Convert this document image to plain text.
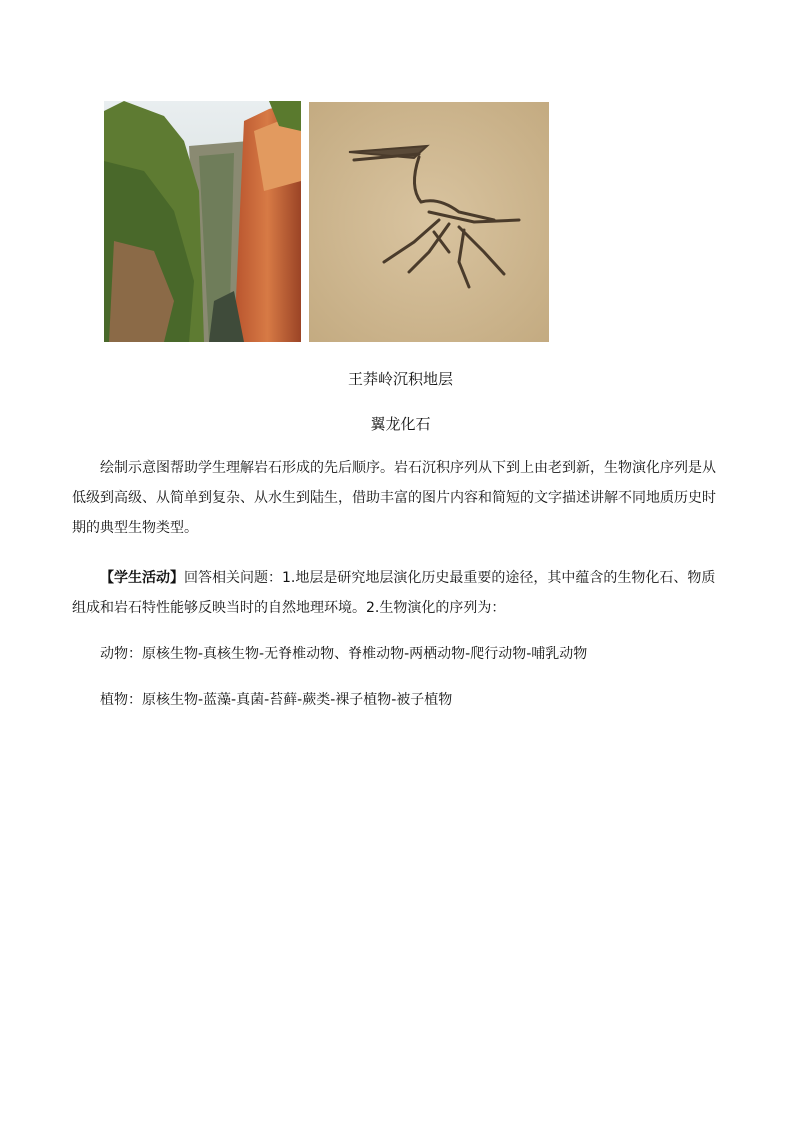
王莽岭沉积地层
翼龙化石

绘制示意图帮助学生理解岩石形成的先后顺序。岩石沉积序列从下到上由老到新，生物演化序列是从低级到高级、从简单到复杂、从水生到陆生，借助丰富的图片内容和简短的文字描述讲解不同地质历史时期的典型生物类型。

【学生活动】回答相关问题：1.地层是研究地层演化历史最重要的途径，其中蕴含的生物化石、物质组成和岩石特性能够反映当时的自然地理环境。2.生物演化的序列为：

动物：原核生物-真核生物-无脊椎动物、脊椎动物-两栖动物-爬行动物-哺乳动物

植物：原核生物-蓝藻-真菌-苔藓-蕨类-裸子植物-被子植物
